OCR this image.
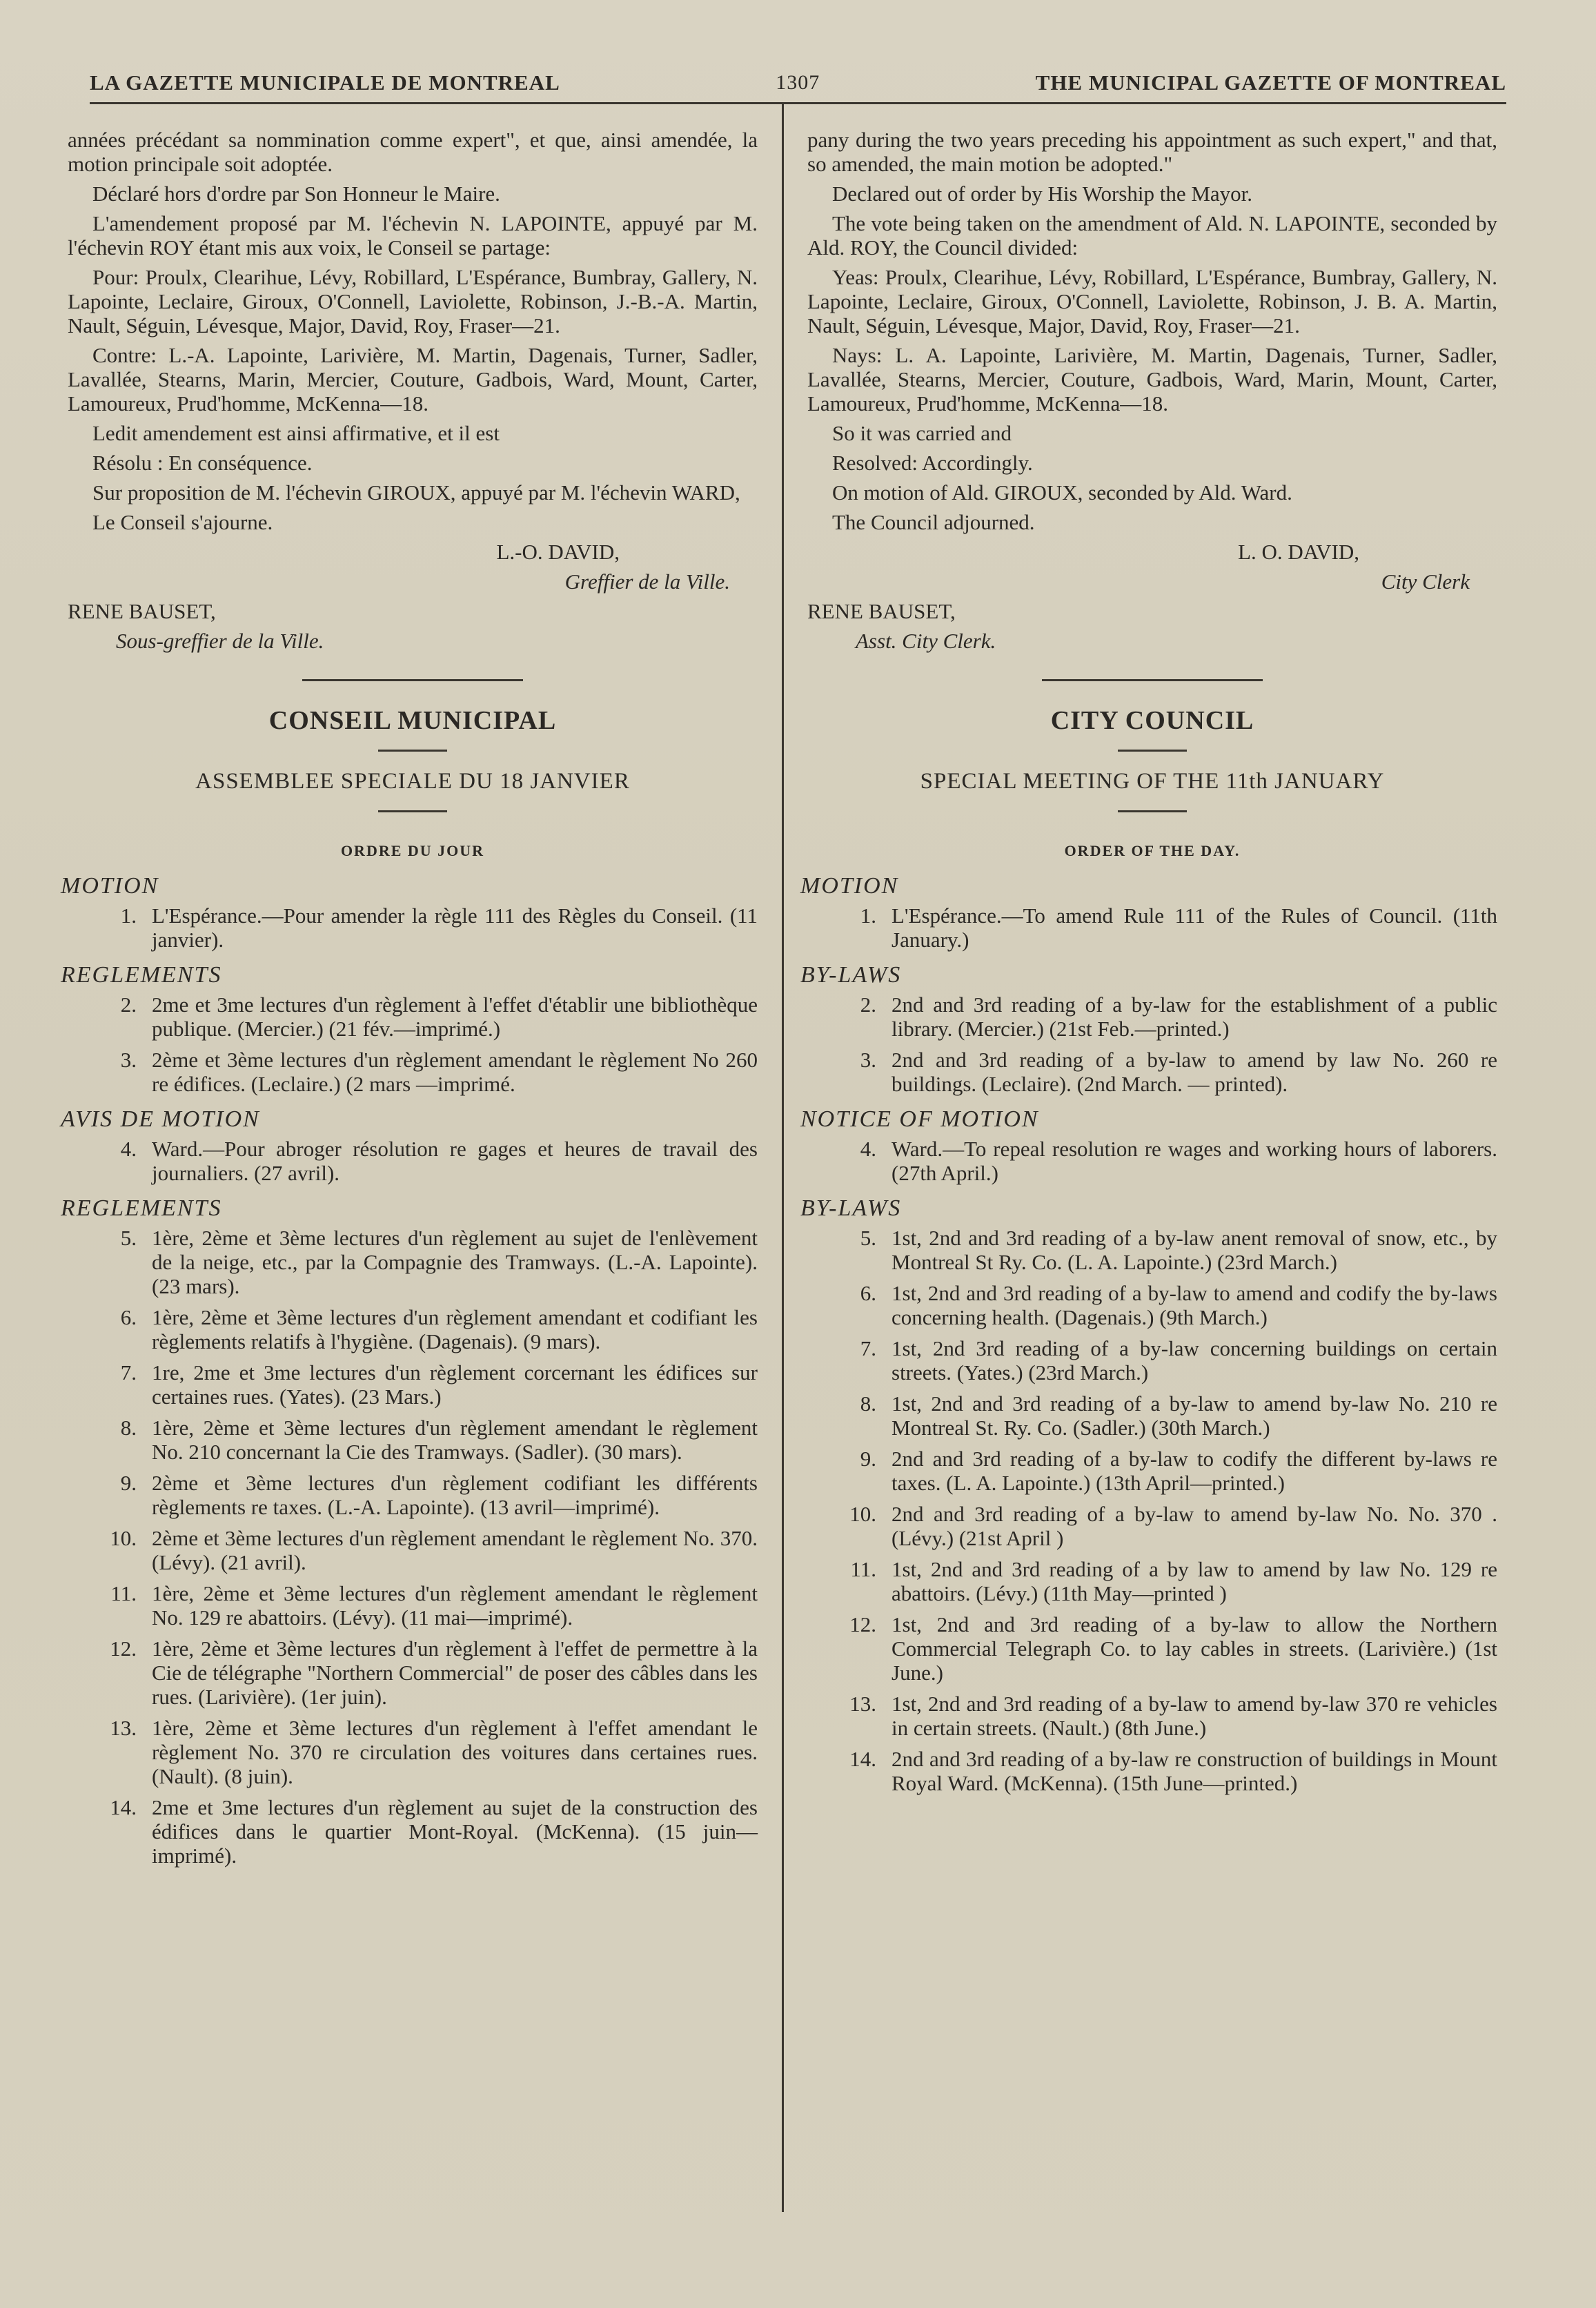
LA GAZETTE MUNICIPALE DE MONTREAL	1307	THE MUNICIPAL GAZETTE OF MONTREAL

années précédant sa nommination comme expert", et que, ainsi amendée, la motion principale soit adoptée.

Déclaré hors d'ordre par Son Honneur le Maire.

L'amendement proposé par M. l'échevin N. LAPOINTE, appuyé par M. l'échevin ROY étant mis aux voix, le Conseil se partage:

Pour: Proulx, Clearihue, Lévy, Robillard, L'Espérance, Bumbray, Gallery, N. Lapointe, Leclaire, Giroux, O'Connell, Laviolette, Robinson, J.-B.-A. Martin, Nault, Séguin, Lévesque, Major, David, Roy, Fraser—21.

Contre: L.-A. Lapointe, Larivière, M. Martin, Dagenais, Turner, Sadler, Lavallée, Stearns, Marin, Mercier, Couture, Gadbois, Ward, Mount, Carter, Lamoureux, Prud'homme, McKenna—18.

Ledit amendement est ainsi affirmative, et il est

Résolu : En conséquence.

Sur proposition de M. l'échevin GIROUX, appuyé par M. l'échevin WARD,

Le Conseil s'ajourne.

L.-O. DAVID,

Greffier de la Ville.

RENE BAUSET,

Sous-greffier de la Ville.

CONSEIL MUNICIPAL
ASSEMBLEE SPECIALE DU 18 JANVIER
ORDRE DU JOUR
MOTION
1. L'Espérance.—Pour amender la règle 111 des Règles du Conseil. (11 janvier).
REGLEMENTS
2. 2me et 3me lectures d'un règlement à l'effet d'établir une bibliothèque publique. (Mercier.) (21 fév.—imprimé.)
3. 2ème et 3ème lectures d'un règlement amendant le règlement No 260 re édifices. (Leclaire.) (2 mars —imprimé.
AVIS DE MOTION
4. Ward.—Pour abroger résolution re gages et heures de travail des journaliers. (27 avril).
REGLEMENTS
5. 1ère, 2ème et 3ème lectures d'un règlement au sujet de l'enlèvement de la neige, etc., par la Compagnie des Tramways. (L.-A. Lapointe). (23 mars).
6. 1ère, 2ème et 3ème lectures d'un règlement amendant et codifiant les règlements relatifs à l'hygiène. (Dagenais). (9 mars).
7. 1re, 2me et 3me lectures d'un règlement corcernant les édifices sur certaines rues. (Yates). (23 Mars.)
8. 1ère, 2ème et 3ème lectures d'un règlement amendant le règlement No. 210 concernant la Cie des Tramways. (Sadler). (30 mars).
9. 2ème et 3ème lectures d'un règlement codifiant les différents règlements re taxes. (L.-A. Lapointe). (13 avril—imprimé).
10. 2ème et 3ème lectures d'un règlement amendant le règlement No. 370. (Lévy). (21 avril).
11. 1ère, 2ème et 3ème lectures d'un règlement amendant le règlement No. 129 re abattoirs. (Lévy). (11 mai—imprimé).
12. 1ère, 2ème et 3ème lectures d'un règlement à l'effet de permettre à la Cie de télégraphe "Northern Commercial" de poser des câbles dans les rues. (Larivière). (1er juin).
13. 1ère, 2ème et 3ème lectures d'un règlement à l'effet amendant le règlement No. 370 re circulation des voitures dans certaines rues. (Nault). (8 juin).
14. 2me et 3me lectures d'un règlement au sujet de la construction des édifices dans le quartier Mont-Royal. (McKenna). (15 juin—imprimé).

pany during the two years preceding his appointment as such expert," and that, so amended, the main motion be adopted."

Declared out of order by His Worship the Mayor.

The vote being taken on the amendment of Ald. N. LAPOINTE, seconded by Ald. ROY, the Council divided:

Yeas: Proulx, Clearihue, Lévy, Robillard, L'Espérance, Bumbray, Gallery, N. Lapointe, Leclaire, Giroux, O'Connell, Laviolette, Robinson, J. B. A. Martin, Nault, Séguin, Lévesque, Major, David, Roy, Fraser—21.

Nays: L. A. Lapointe, Larivière, M. Martin, Dagenais, Turner, Sadler, Lavallée, Stearns, Mercier, Couture, Gadbois, Ward, Marin, Mount, Carter, Lamoureux, Prud'homme, McKenna—18.

So it was carried and

Resolved: Accordingly.

On motion of Ald. GIROUX, seconded by Ald. Ward.

The Council adjourned.

L. O. DAVID,

City Clerk

RENE BAUSET,

Asst. City Clerk.

CITY COUNCIL
SPECIAL MEETING OF THE 11th JANUARY
ORDER OF THE DAY.
MOTION
1. L'Espérance.—To amend Rule 111 of the Rules of Council. (11th January.)
BY-LAWS
2. 2nd and 3rd reading of a by-law for the establishment of a public library. (Mercier.) (21st Feb.—printed.)
3. 2nd and 3rd reading of a by-law to amend by law No. 260 re buildings. (Leclaire). (2nd March. — printed).
NOTICE OF MOTION
4. Ward.—To repeal resolution re wages and working hours of laborers. (27th April.)
BY-LAWS
5. 1st, 2nd and 3rd reading of a by-law anent removal of snow, etc., by Montreal St Ry. Co. (L. A. Lapointe.) (23rd March.)
6. 1st, 2nd and 3rd reading of a by-law to amend and codify the by-laws concerning health. (Dagenais.) (9th March.)
7. 1st, 2nd 3rd reading of a by-law concerning buildings on certain streets. (Yates.) (23rd March.)
8. 1st, 2nd and 3rd reading of a by-law to amend by-law No. 210 re Montreal St. Ry. Co. (Sadler.) (30th March.)
9. 2nd and 3rd reading of a by-law to codify the different by-laws re taxes. (L. A. Lapointe.) (13th April—printed.)
10. 2nd and 3rd reading of a by-law to amend by-law No. No. 370 . (Lévy.) (21st April )
11. 1st, 2nd and 3rd reading of a by law to amend by law No. 129 re abattoirs. (Lévy.) (11th May—printed )
12. 1st, 2nd and 3rd reading of a by-law to allow the Northern Commercial Telegraph Co. to lay cables in streets. (Larivière.) (1st June.)
13. 1st, 2nd and 3rd reading of a by-law to amend by-law 370 re vehicles in certain streets. (Nault.) (8th June.)
14. 2nd and 3rd reading of a by-law re construction of buildings in Mount Royal Ward. (McKenna). (15th June—printed.)
